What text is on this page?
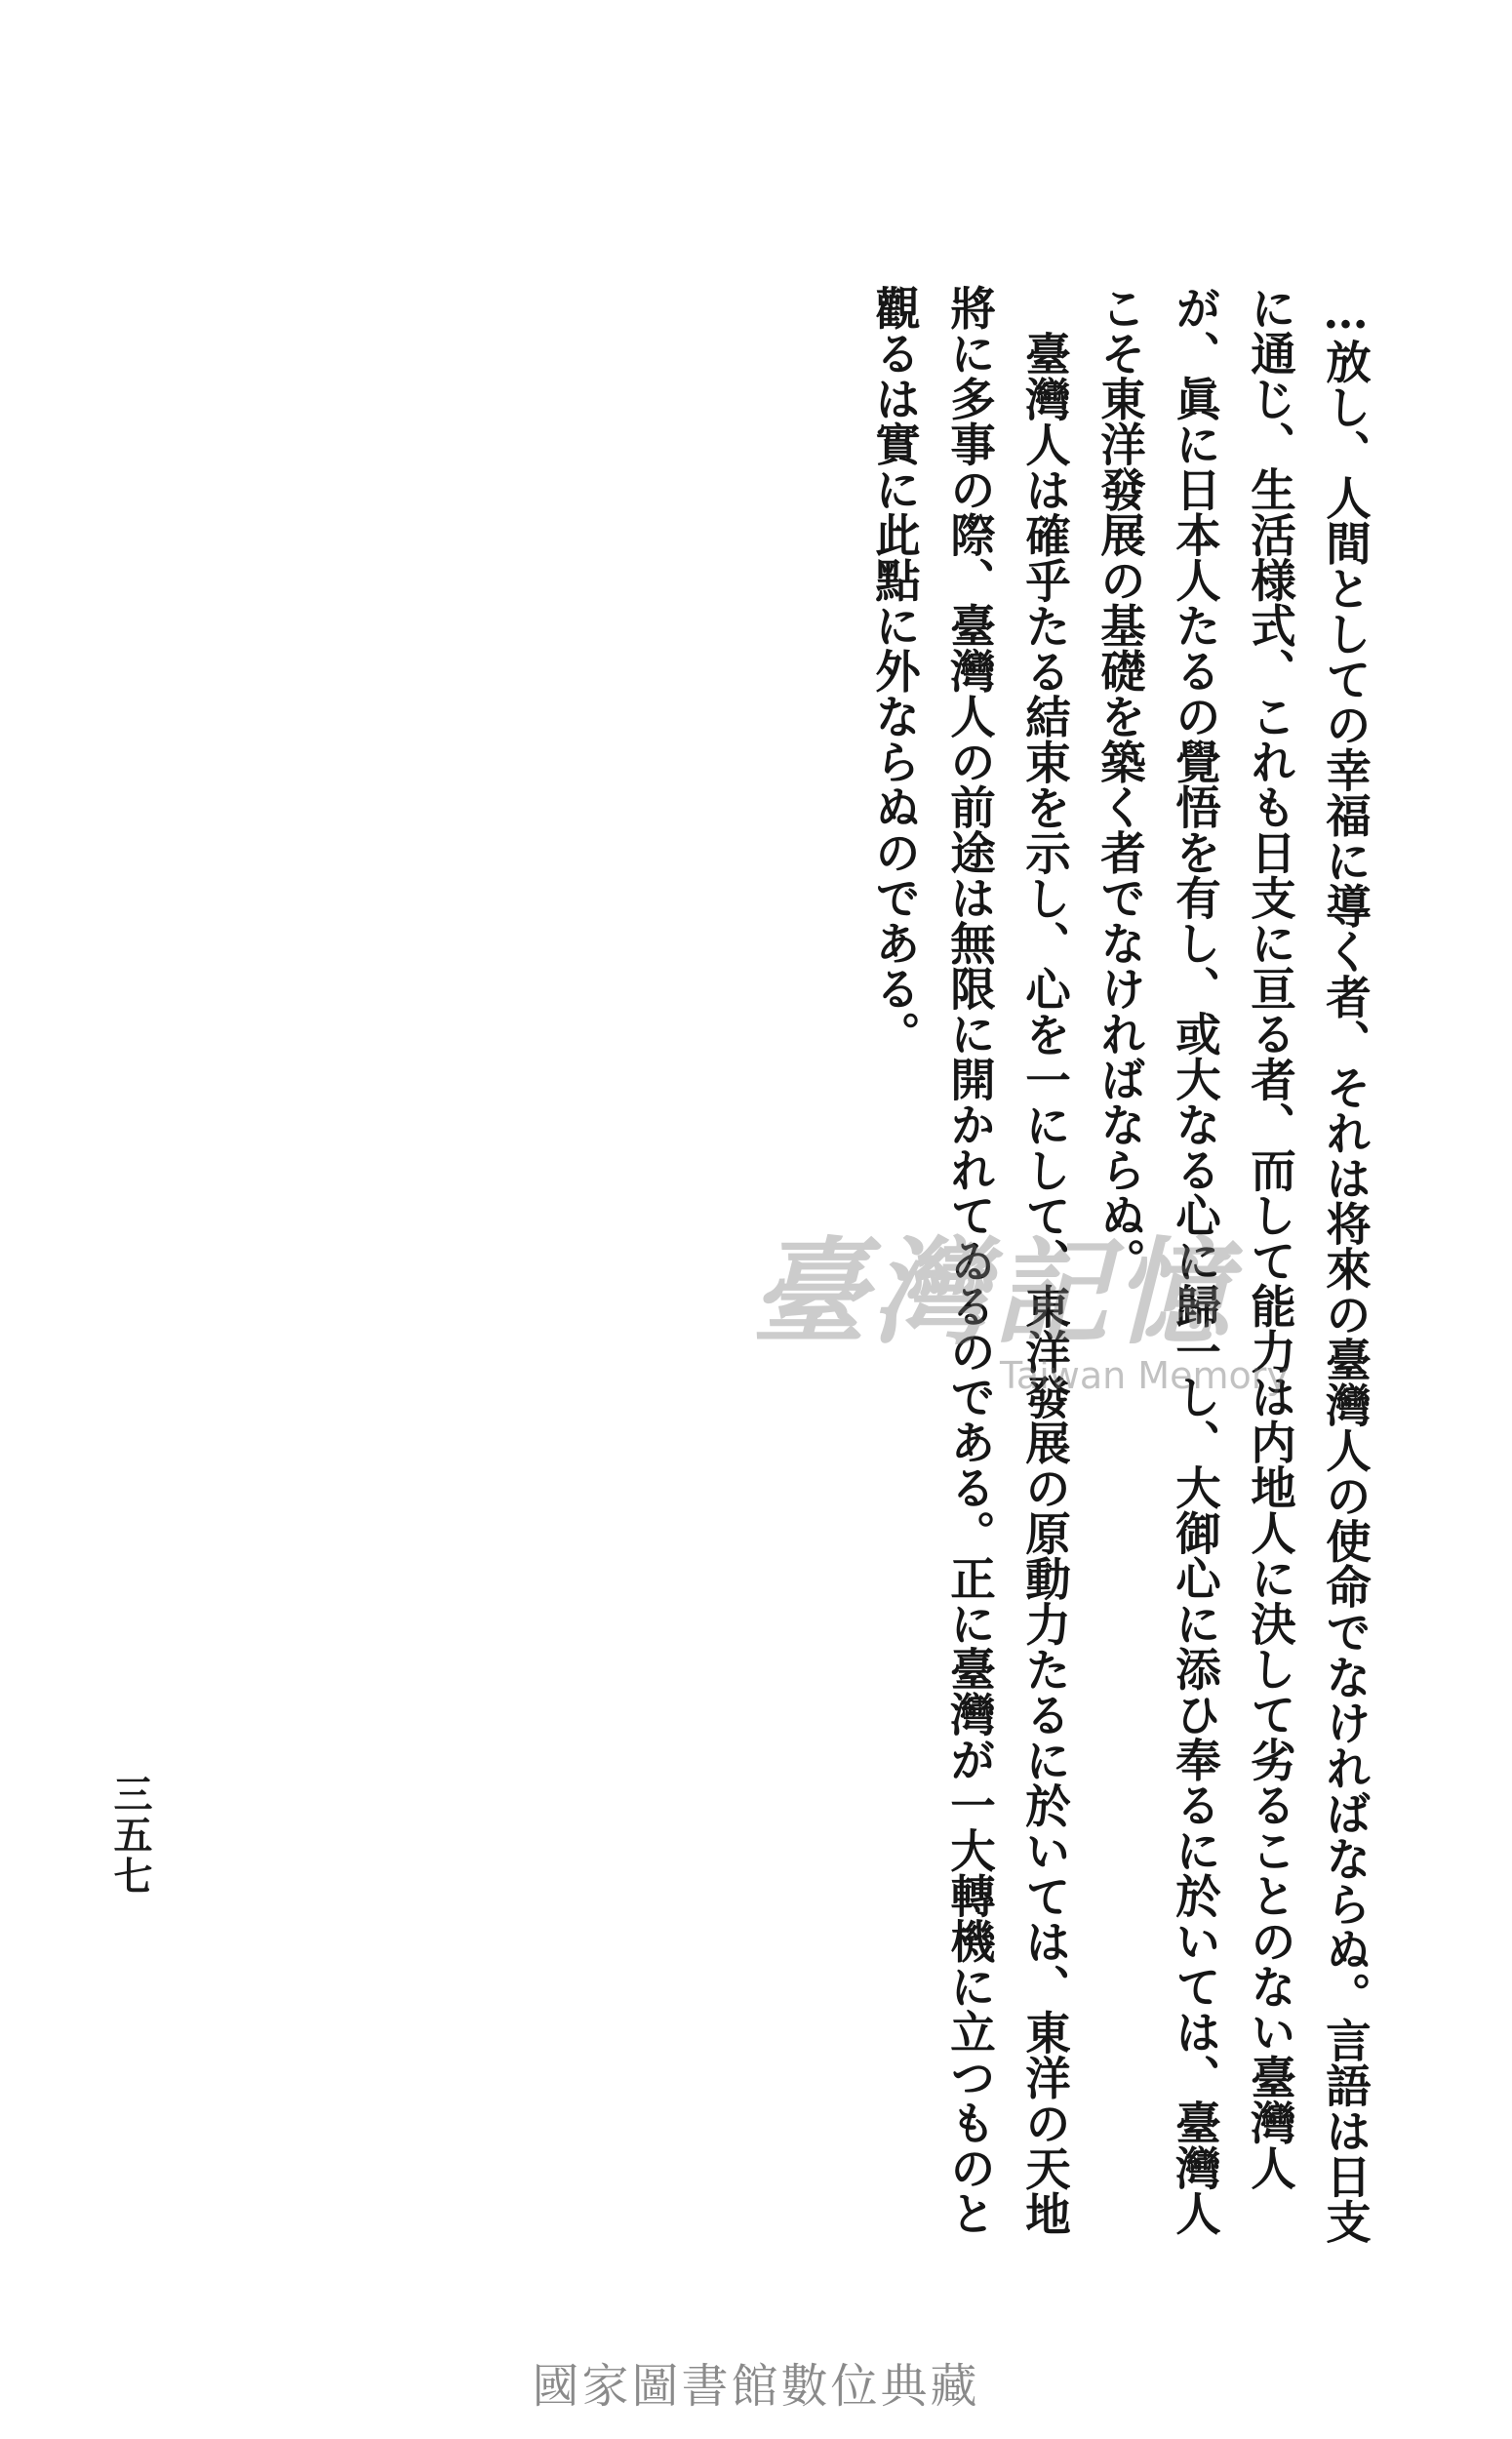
…放し、人間としての幸福に導く者、それは将來の臺灣人の使命でなければならぬ。言語は日支に通じ、生活様式、これも日支に亘る者、而して能力は内地人に決して劣ることのない臺灣人が、眞に日本人たるの覺悟を有し、或大なる心に歸一し、大御心に添ひ奉るに於いては、臺灣人こそ東洋發展の基礎を築く者でなければならぬ。

臺灣人は確乎たる結束を示し、心を一にして、東洋發展の原動力たるに於いては、東洋の天地將に多事の際、臺灣人の前途は無限に開かれてゐるのである。正に臺灣が一大轉機に立つものと觀るは實に此點に外ならぬのである。

三五七
臺灣記憶
Taiwan Memory
國家圖書館數位典藏
